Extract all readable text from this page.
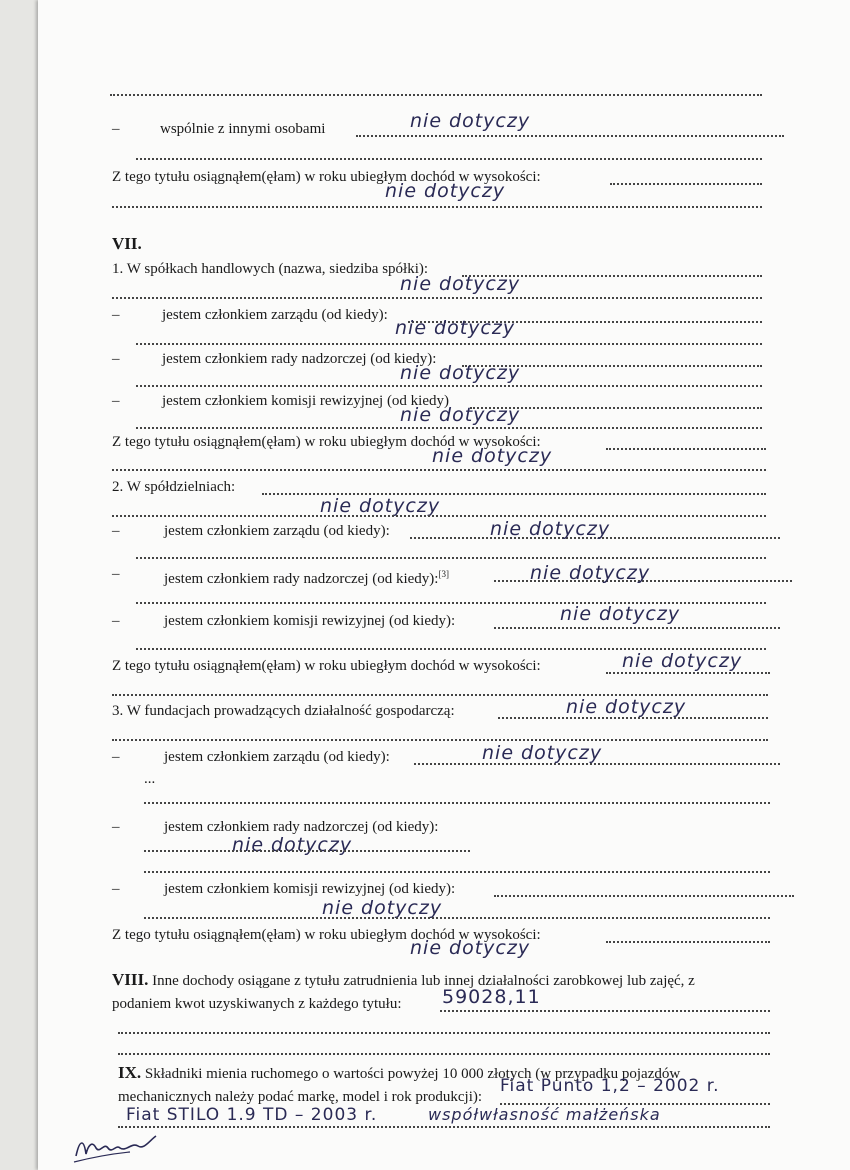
–	wspólnie z innymi osobami	nie dotyczy
Z tego tytułu osiągnąłem(ęłam) w roku ubiegłym dochód w wysokości:
nie dotyczy
VII.
1. W spółkach handlowych (nazwa, siedziba spółki):
nie dotyczy
–	jestem członkiem zarządu (od kiedy):
nie dotyczy
–	jestem członkiem rady nadzorczej (od kiedy):
nie dotyczy
–	jestem członkiem komisji rewizyjnej (od kiedy)
nie dotyczy
Z tego tytułu osiągnąłem(ęłam) w roku ubiegłym dochód w wysokości:
nie dotyczy
2. W spółdzielniach:
nie dotyczy
–	jestem członkiem zarządu (od kiedy):	nie dotyczy
–	jestem członkiem rady nadzorczej (od kiedy):[3]	nie dotyczy
–	jestem członkiem komisji rewizyjnej (od kiedy):	nie dotyczy
Z tego tytułu osiągnąłem(ęłam) w roku ubiegłym dochód w wysokości:	nie dotyczy
3. W fundacjach prowadzących działalność gospodarczą:	nie dotyczy
–	jestem członkiem zarządu (od kiedy):	nie dotyczy
...
–	jestem członkiem rady nadzorczej (od kiedy):
nie dotyczy
–	jestem członkiem komisji rewizyjnej (od kiedy):
nie dotyczy
Z tego tytułu osiągnąłem(ęłam) w roku ubiegłym dochód w wysokości:
nie dotyczy
VIII. Inne dochody osiągane z tytułu zatrudnienia lub innej działalności zarobkowej lub zajęć, z
podaniem kwot uzyskiwanych z każdego tytułu: 59028,11
IX. Składniki mienia ruchomego o wartości powyżej 10 000 złotych (w przypadku pojazdów
mechanicznych należy podać markę, model i rok produkcji):
Fiat Punto 1,2 – 2002 r.
Fiat STILO 1.9 TD – 2003 r.	współwłasność małżeńska
